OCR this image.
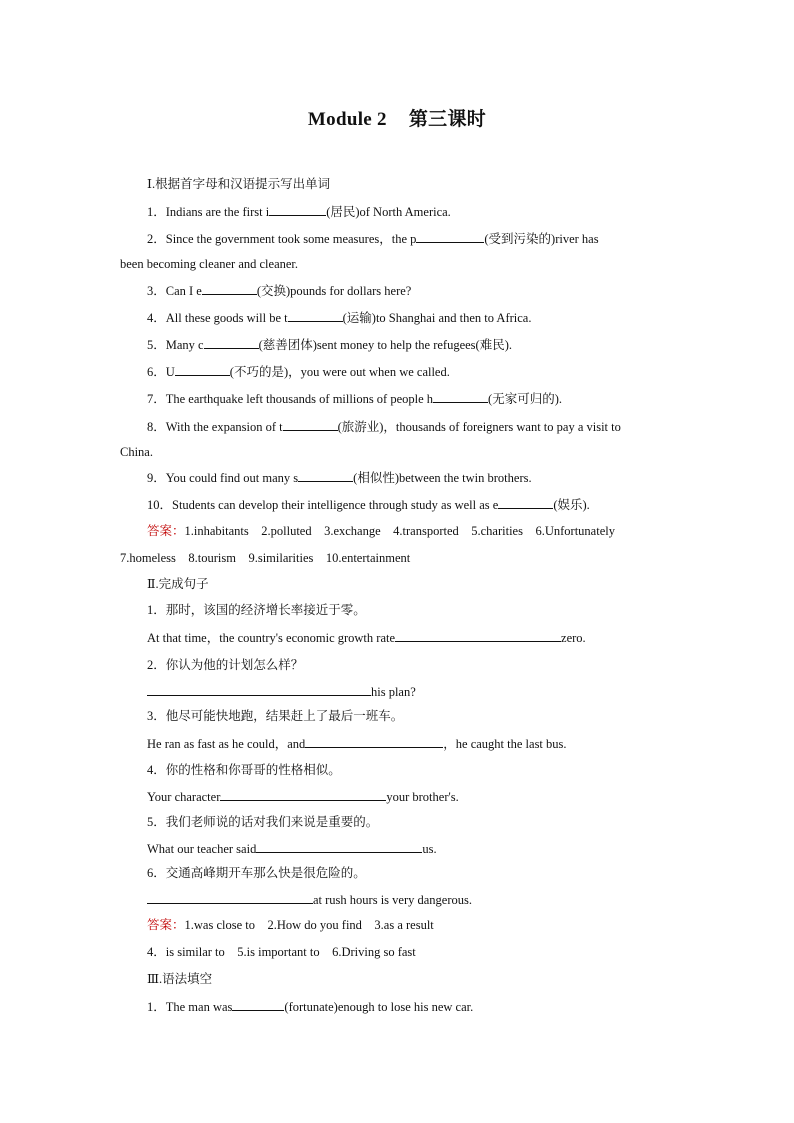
Module 2 第三课时
Ⅰ.根据首字母和汉语提示写出单词
1．Indians are the first i	(居民)of North America.
2．Since the government took some measures，the p	(受到污染的)river has
been becoming cleaner and cleaner.
3．Can I e	(交换)pounds for dollars here?
4．All these goods will be t	(运输)to Shanghai and then to Africa.
5．Many c	(慈善团体)sent money to help the refugees(难民).
6．U	(不巧的是)，you were out when we called.
7．The earthquake left thousands of millions of people h	(无家可归的).
8．With the expansion of t	(旅游业)，thousands of foreigners want to pay a visit to
China.
9．You could find out many s	(相似性)between the twin brothers.
10．Students can develop their intelligence through study as well as e	(娱乐).
答案：1.inhabitants　2.polluted　3.exchange　4.transported　5.charities　6.Unfortunately
7.homeless　8.tourism　9.similarities　10.entertainment
Ⅱ.完成句子
1．那时，该国的经济增长率接近于零。
At that time，the country's economic growth rate	zero.
2．你认为他的计划怎么样？
his plan?
3．他尽可能快地跑，结果赶上了最后一班车。
He ran as fast as he could，and	，he caught the last bus.
4．你的性格和你哥哥的性格相似。
Your character	your brother's.
5．我们老师说的话对我们来说是重要的。
What our teacher said	us.
6．交通高峰期开车那么快是很危险的。
at rush hours is very dangerous.
答案：1.was close to　2.How do you find　3.as a result
4．is similar to　5.is important to　6.Driving so fast
Ⅲ.语法填空
1．The man was	(fortunate)enough to lose his new car.
